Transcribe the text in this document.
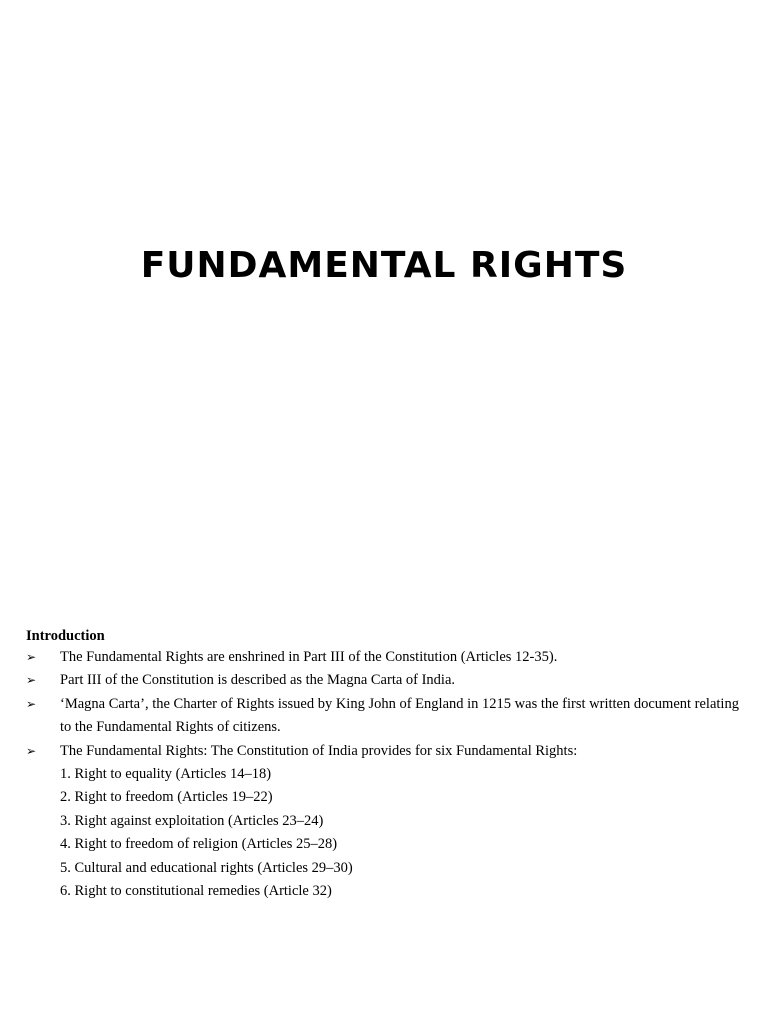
FUNDAMENTAL RIGHTS

Introduction

➢ The Fundamental Rights are enshrined in Part III of the Constitution (Articles 12-35).
➢ Part III of the Constitution is described as the Magna Carta of India.
➢ ‘Magna Carta’, the Charter of Rights issued by King John of England in 1215 was the first written document relating to the Fundamental Rights of citizens.
➢ The Fundamental Rights: The Constitution of India provides for six Fundamental Rights:
1. Right to equality (Articles 14–18)
2. Right to freedom (Articles 19–22)
3. Right against exploitation (Articles 23–24)
4. Right to freedom of religion (Articles 25–28)
5. Cultural and educational rights (Articles 29–30)
6. Right to constitutional remedies (Article 32)
